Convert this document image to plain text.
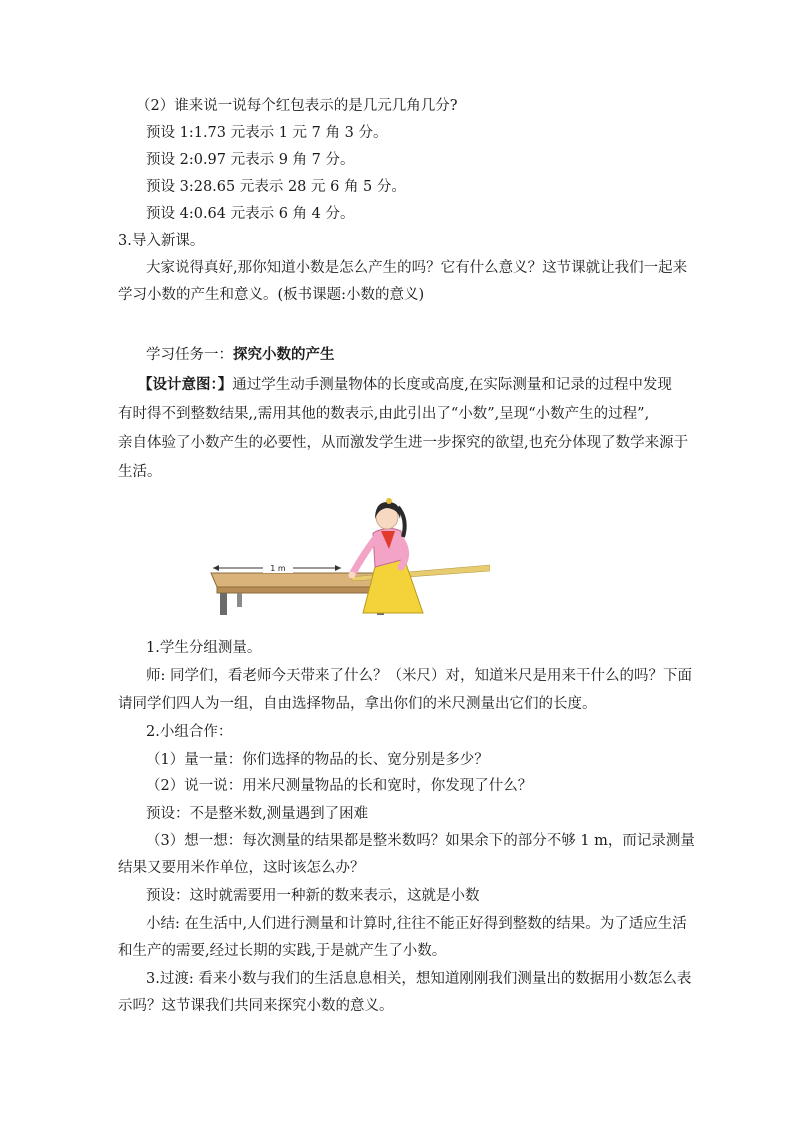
（2）谁来说一说每个红包表示的是几元几角几分?
预设 1:1.73 元表示 1 元 7 角 3 分。
预设 2:0.97 元表示 9 角 7 分。
预设 3:28.65 元表示 28 元 6 角 5 分。
预设 4:0.64 元表示 6 角 4 分。
3.导入新课。
大家说得真好,那你知道小数是怎么产生的吗？它有什么意义？这节课就让我们一起来
学习小数的产生和意义。(板书课题:小数的意义)
学习任务一：探究小数的产生
【设计意图：】通过学生动手测量物体的长度或高度,在实际测量和记录的过程中发现
有时得不到整数结果,,需用其他的数表示,由此引出了“小数”,呈现“小数产生的过程”,
亲自体验了小数产生的必要性，从而激发学生进一步探究的欲望,也充分体现了数学来源于
生活。
1 m
1.学生分组测量。
师: 同学们，看老师今天带来了什么？（米尺）对，知道米尺是用来干什么的吗？下面
请同学们四人为一组，自由选择物品，拿出你们的米尺测量出它们的长度。
2.小组合作：
（1）量一量：你们选择的物品的长、宽分别是多少？
（2）说一说：用米尺测量物品的长和宽时，你发现了什么？
预设：不是整米数,测量遇到了困难
（3）想一想：每次测量的结果都是整米数吗？如果余下的部分不够 1 m，而记录测量
结果又要用米作单位，这时该怎么办？
预设：这时就需要用一种新的数来表示，这就是小数
小结: 在生活中,人们进行测量和计算时,往往不能正好得到整数的结果。为了适应生活
和生产的需要,经过长期的实践,于是就产生了小数。
3.过渡: 看来小数与我们的生活息息相关，想知道刚刚我们测量出的数据用小数怎么表
示吗？这节课我们共同来探究小数的意义。
